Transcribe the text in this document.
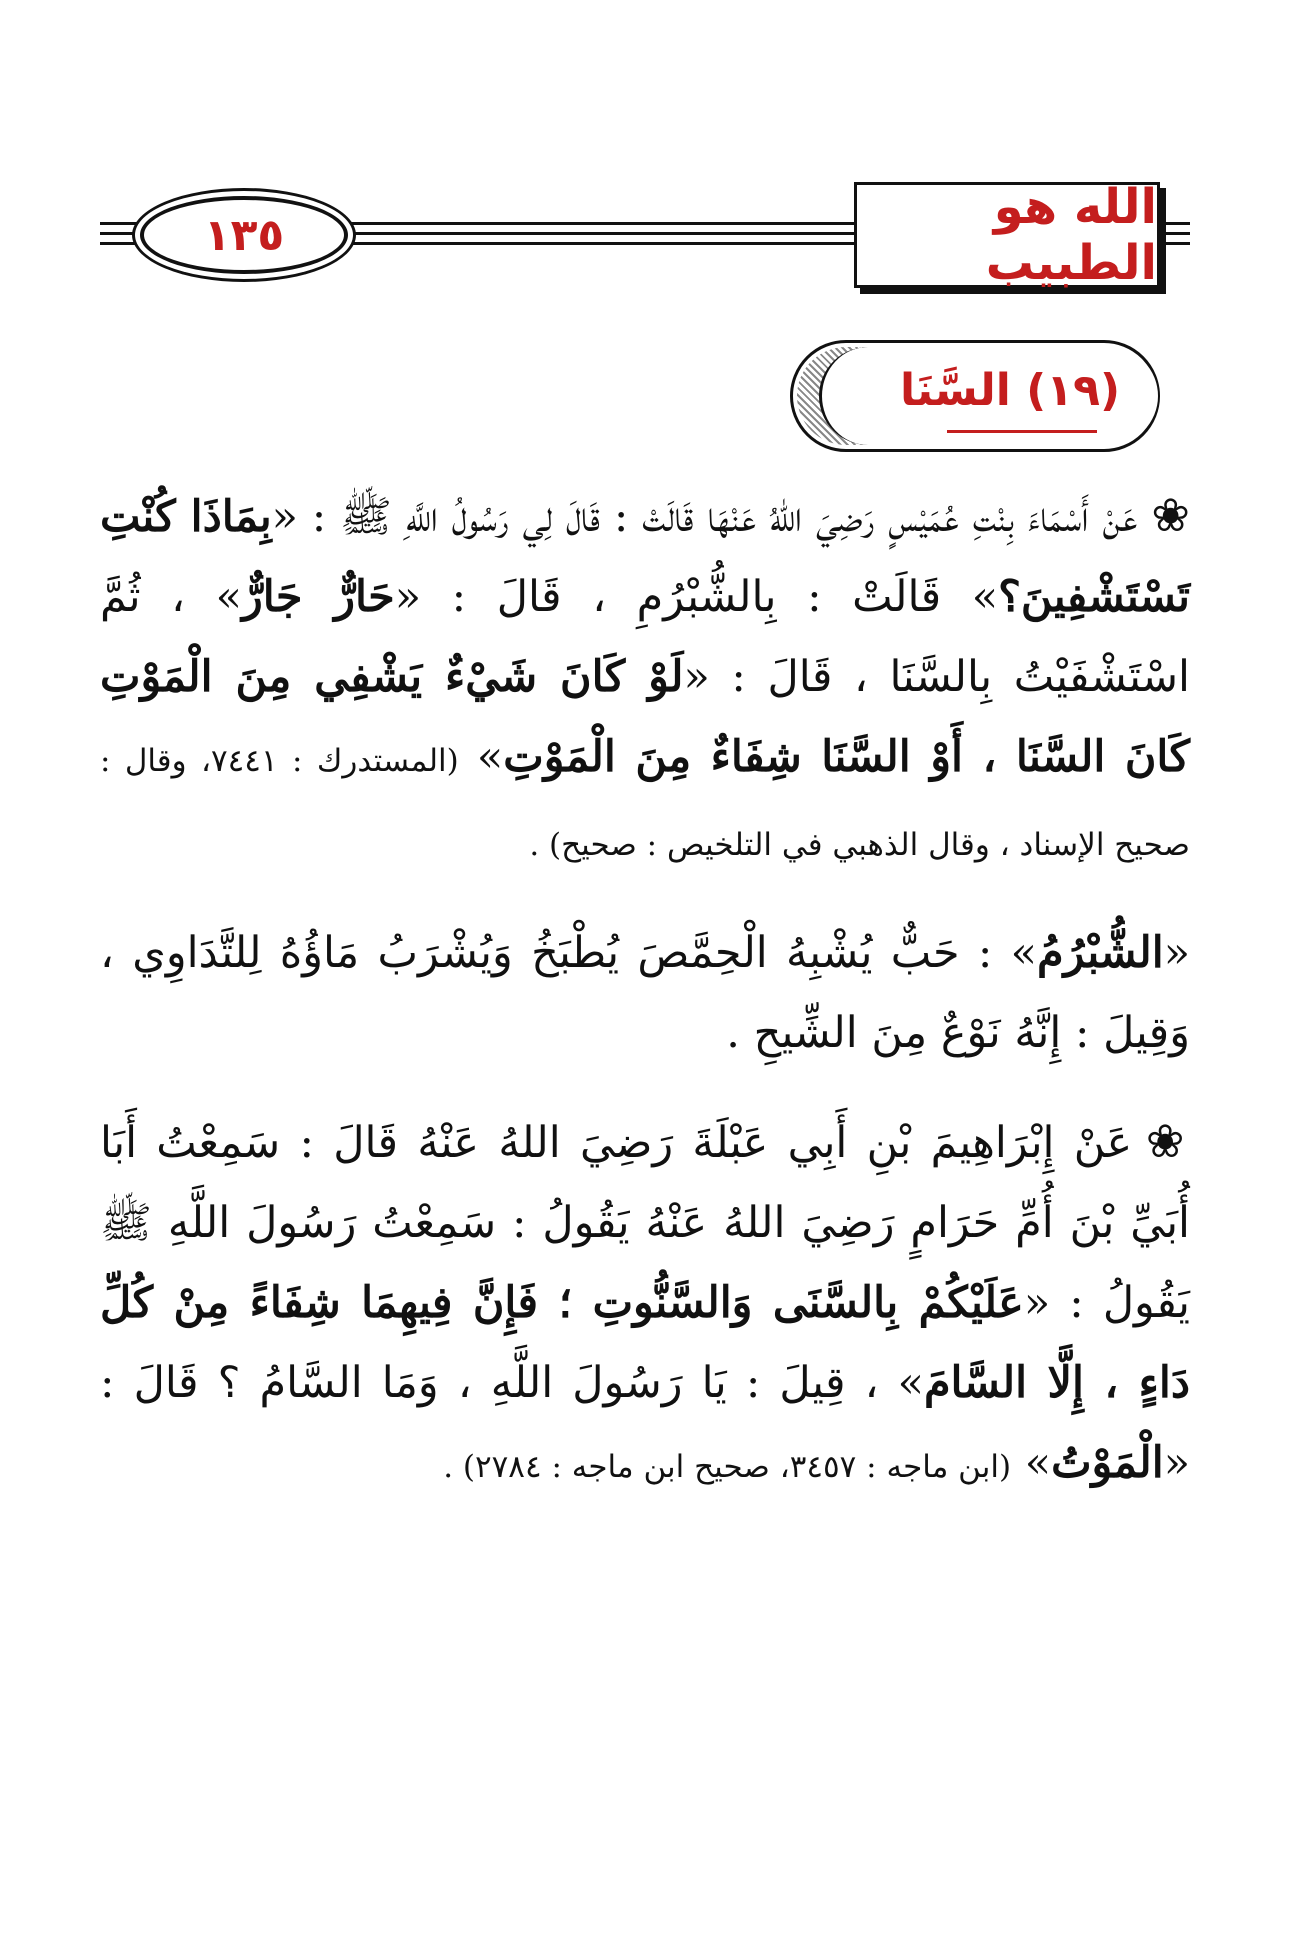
١٣٥	الله هو الطبيب
(١٩) السَّنَا

❀ عَنْ أَسْمَاءَ بِنْتِ عُمَيْسٍ رَضِيَ اللهُ عَنْهَا قَالَتْ : قَالَ لِي رَسُولُ اللَّهِ ﷺ : «بِمَاذَا كُنْتِ تَسْتَشْفِينَ؟» قَالَتْ : بِالشُّبْرُمِ ، قَالَ : «حَارٌّ جَارٌّ» ، ثُمَّ اسْتَشْفَيْتُ بِالسَّنَا ، قَالَ : «لَوْ كَانَ شَيْءٌ يَشْفِي مِنَ الْمَوْتِ كَانَ السَّنَا ، أَوْ السَّنَا شِفَاءٌ مِنَ الْمَوْتِ» (المستدرك : ٧٤٤١، وقال : صحيح الإسناد ، وقال الذهبي في التلخيص : صحيح) .

«الشُّبْرُمُ» : حَبٌّ يُشْبِهُ الْحِمَّصَ يُطْبَخُ وَيُشْرَبُ مَاؤُهُ لِلتَّدَاوِي ، وَقِيلَ : إِنَّهُ نَوْعٌ مِنَ الشِّيحِ .

❀ عَنْ إِبْرَاهِيمَ بْنِ أَبِي عَبْلَةَ رَضِيَ اللهُ عَنْهُ قَالَ : سَمِعْتُ أَبَا أُبَيِّ بْنَ أُمِّ حَرَامٍ رَضِيَ اللهُ عَنْهُ يَقُولُ : سَمِعْتُ رَسُولَ اللَّهِ ﷺ يَقُولُ : «عَلَيْكُمْ بِالسَّنَى وَالسَّنُّوتِ ؛ فَإِنَّ فِيهِمَا شِفَاءً مِنْ كُلِّ دَاءٍ ، إِلَّا السَّامَ» ، قِيلَ : يَا رَسُولَ اللَّهِ ، وَمَا السَّامُ ؟ قَالَ : «الْمَوْتُ» (ابن ماجه : ٣٤٥٧، صحيح ابن ماجه : ٢٧٨٤) .
